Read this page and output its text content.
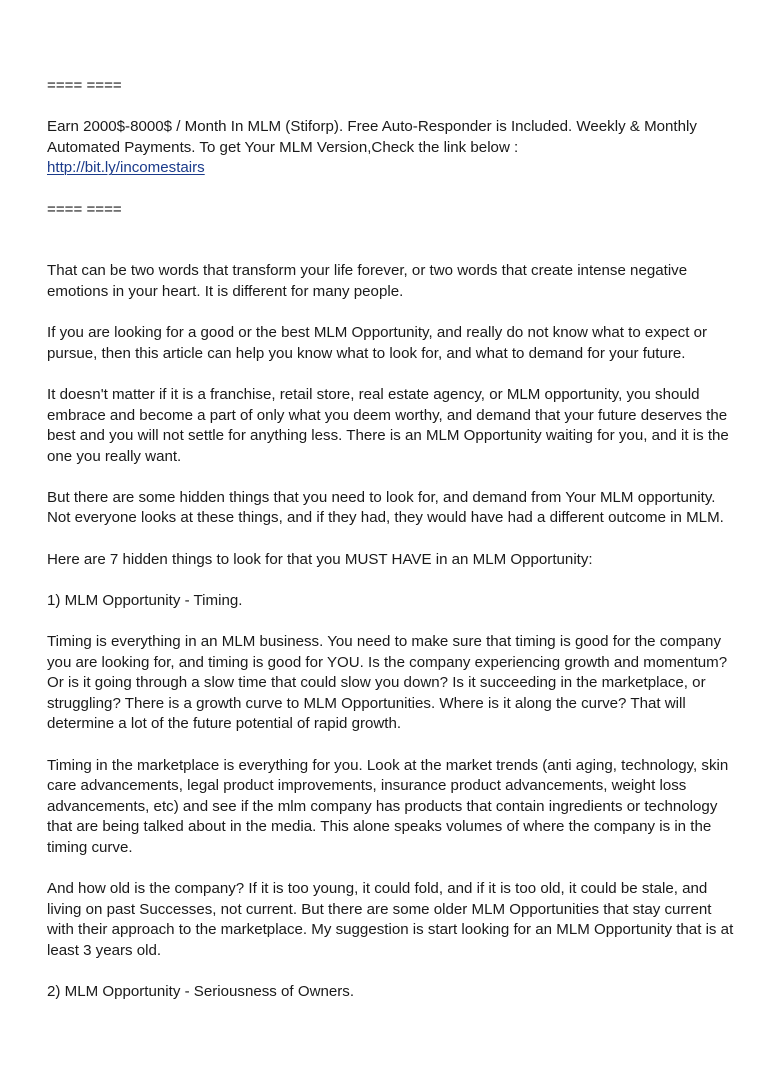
==== ====

Earn 2000$-8000$ / Month In MLM (Stiforp). Free Auto-Responder is Included. Weekly & Monthly Automated Payments. To get Your MLM Version,Check the link below :
http://bit.ly/incomestairs

==== ====

That can be two words that transform your life forever, or two words that create intense negative emotions in your heart. It is different for many people.

If you are looking for a good or the best MLM Opportunity, and really do not know what to expect or pursue, then this article can help you know what to look for, and what to demand for your future.

It doesn't matter if it is a franchise, retail store, real estate agency, or MLM opportunity, you should embrace and become a part of only what you deem worthy, and demand that your future deserves the best and you will not settle for anything less. There is an MLM Opportunity waiting for you, and it is the one you really want.

But there are some hidden things that you need to look for, and demand from Your MLM opportunity. Not everyone looks at these things, and if they had, they would have had a different outcome in MLM.

Here are 7 hidden things to look for that you MUST HAVE in an MLM Opportunity:

1) MLM Opportunity - Timing.

Timing is everything in an MLM business. You need to make sure that timing is good for the company you are looking for, and timing is good for YOU. Is the company experiencing growth and momentum? Or is it going through a slow time that could slow you down? Is it succeeding in the marketplace, or struggling? There is a growth curve to MLM Opportunities. Where is it along the curve? That will determine a lot of the future potential of rapid growth.

Timing in the marketplace is everything for you. Look at the market trends (anti aging, technology, skin care advancements, legal product improvements, insurance product advancements, weight loss advancements, etc) and see if the mlm company has products that contain ingredients or technology that are being talked about in the media. This alone speaks volumes of where the company is in the timing curve.

And how old is the company? If it is too young, it could fold, and if it is too old, it could be stale, and living on past Successes, not current. But there are some older MLM Opportunities that stay current with their approach to the marketplace. My suggestion is start looking for an MLM Opportunity that is at least 3 years old.

2) MLM Opportunity - Seriousness of Owners.
